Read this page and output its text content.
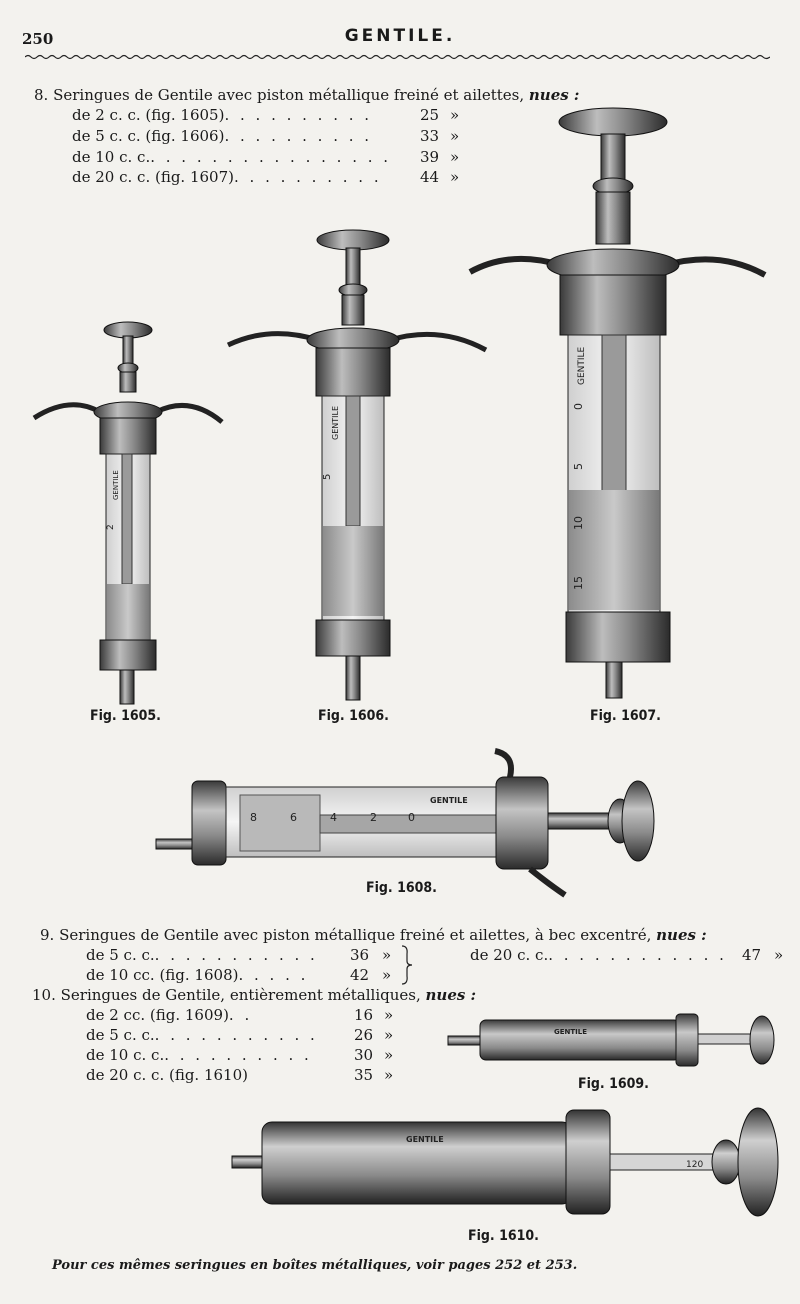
250	GENTILE.
8. Seringues de Gentile avec piston métallique freiné et ailettes, nues :
de 2 c. c. (fig. 1605). . . . . . . . . .	25 »
de 5 c. c. (fig. 1606). . . . . . . . . .	33 »
de 10 c. c.. . . . . . . . . . . . . . . . 39 »
de 20 c. c. (fig. 1607). . . . . . . . . .	44 »
GENTILE
2
GENTILE
5
GENTILE
0
5
10
15
Fig. 1605.	Fig. 1606.	Fig. 1607.
GENTILE
8	6	4	2	0
Fig. 1608.
9. Seringues de Gentile avec piston métallique freiné et ailettes, à bec excentré, nues :
de 5 c. c.. . . . . . . . . . . 36 »
de 10 cc. (fig. 1608). . . . .	42 »
de 20 c. c.. . . . . . . . . . . . 47 »
10. Seringues de Gentile, entièrement métalliques, nues :
de 2 cc. (fig. 1609). .	16 »
de 5 c. c.. . . . . . . . . . . 26 »
de 10 c. c.. . . . . . . . . .	30 »
de 20 c. c. (fig. 1610)	35 »
GENTILE
Fig. 1609.
GENTILE
120
Fig. 1610.
Pour ces mêmes seringues en boîtes métalliques, voir pages 252 et 253.
